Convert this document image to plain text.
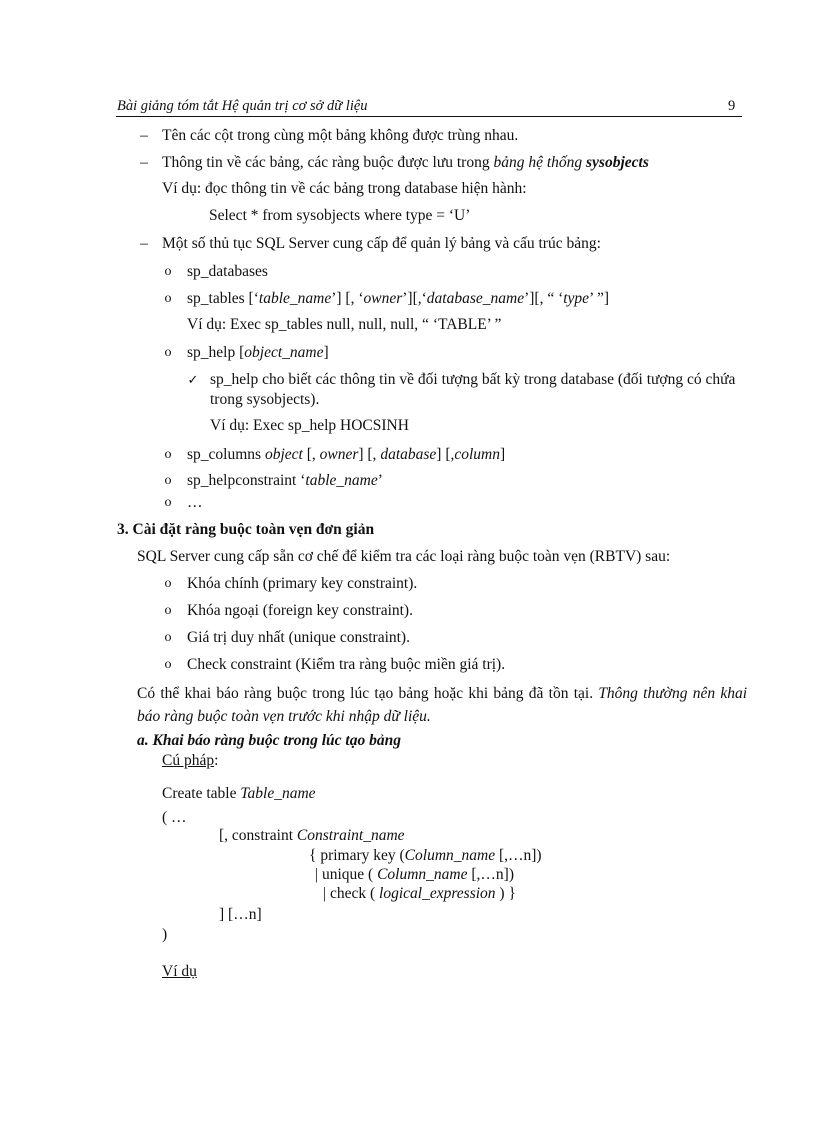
Bài giảng tóm tắt Hệ quản trị cơ sở dữ liệu	9
– Tên các cột trong cùng một bảng không được trùng nhau.
– Thông tin về các bảng, các ràng buộc được lưu trong bảng hệ thống sysobjects
Ví dụ: đọc thông tin về các bảng trong database hiện hành:
Select * from sysobjects where type = ‘U’
– Một số thủ tục SQL Server cung cấp để quản lý bảng và cấu trúc bảng:
o sp_databases
o sp_tables [‘table_name’] [, ‘owner’][,‘database_name’][, “ ‘type’ ”]
Ví dụ: Exec sp_tables null, null, null, “ ‘TABLE’ ”
o sp_help [object_name]
✓ sp_help cho biết các thông tin về đối tượng bất kỳ trong database (đối tượng có chứa trong sysobjects).
Ví dụ: Exec sp_help HOCSINH
o sp_columns object [, owner] [, database] [,column]
o sp_helpconstraint ‘table_name’
o …
3. Cài đặt ràng buộc toàn vẹn đơn giản
SQL Server cung cấp sẵn cơ chế để kiểm tra các loại ràng buộc toàn vẹn (RBTV) sau:
o Khóa chính (primary key constraint).
o Khóa ngoại (foreign key constraint).
o Giá trị duy nhất (unique constraint).
o Check constraint (Kiểm tra ràng buộc miền giá trị).
Có thể khai báo ràng buộc trong lúc tạo bảng hoặc khi bảng đã tồn tại. Thông thường nên khai báo ràng buộc toàn vẹn trước khi nhập dữ liệu.
a. Khai báo ràng buộc trong lúc tạo bảng
Cú pháp:
Create table Table_name
( …
[, constraint Constraint_name
{ primary key (Column_name [,…n])
| unique ( Column_name [,…n])
| check ( logical_expression ) }
] […n]
)
Ví dụ
